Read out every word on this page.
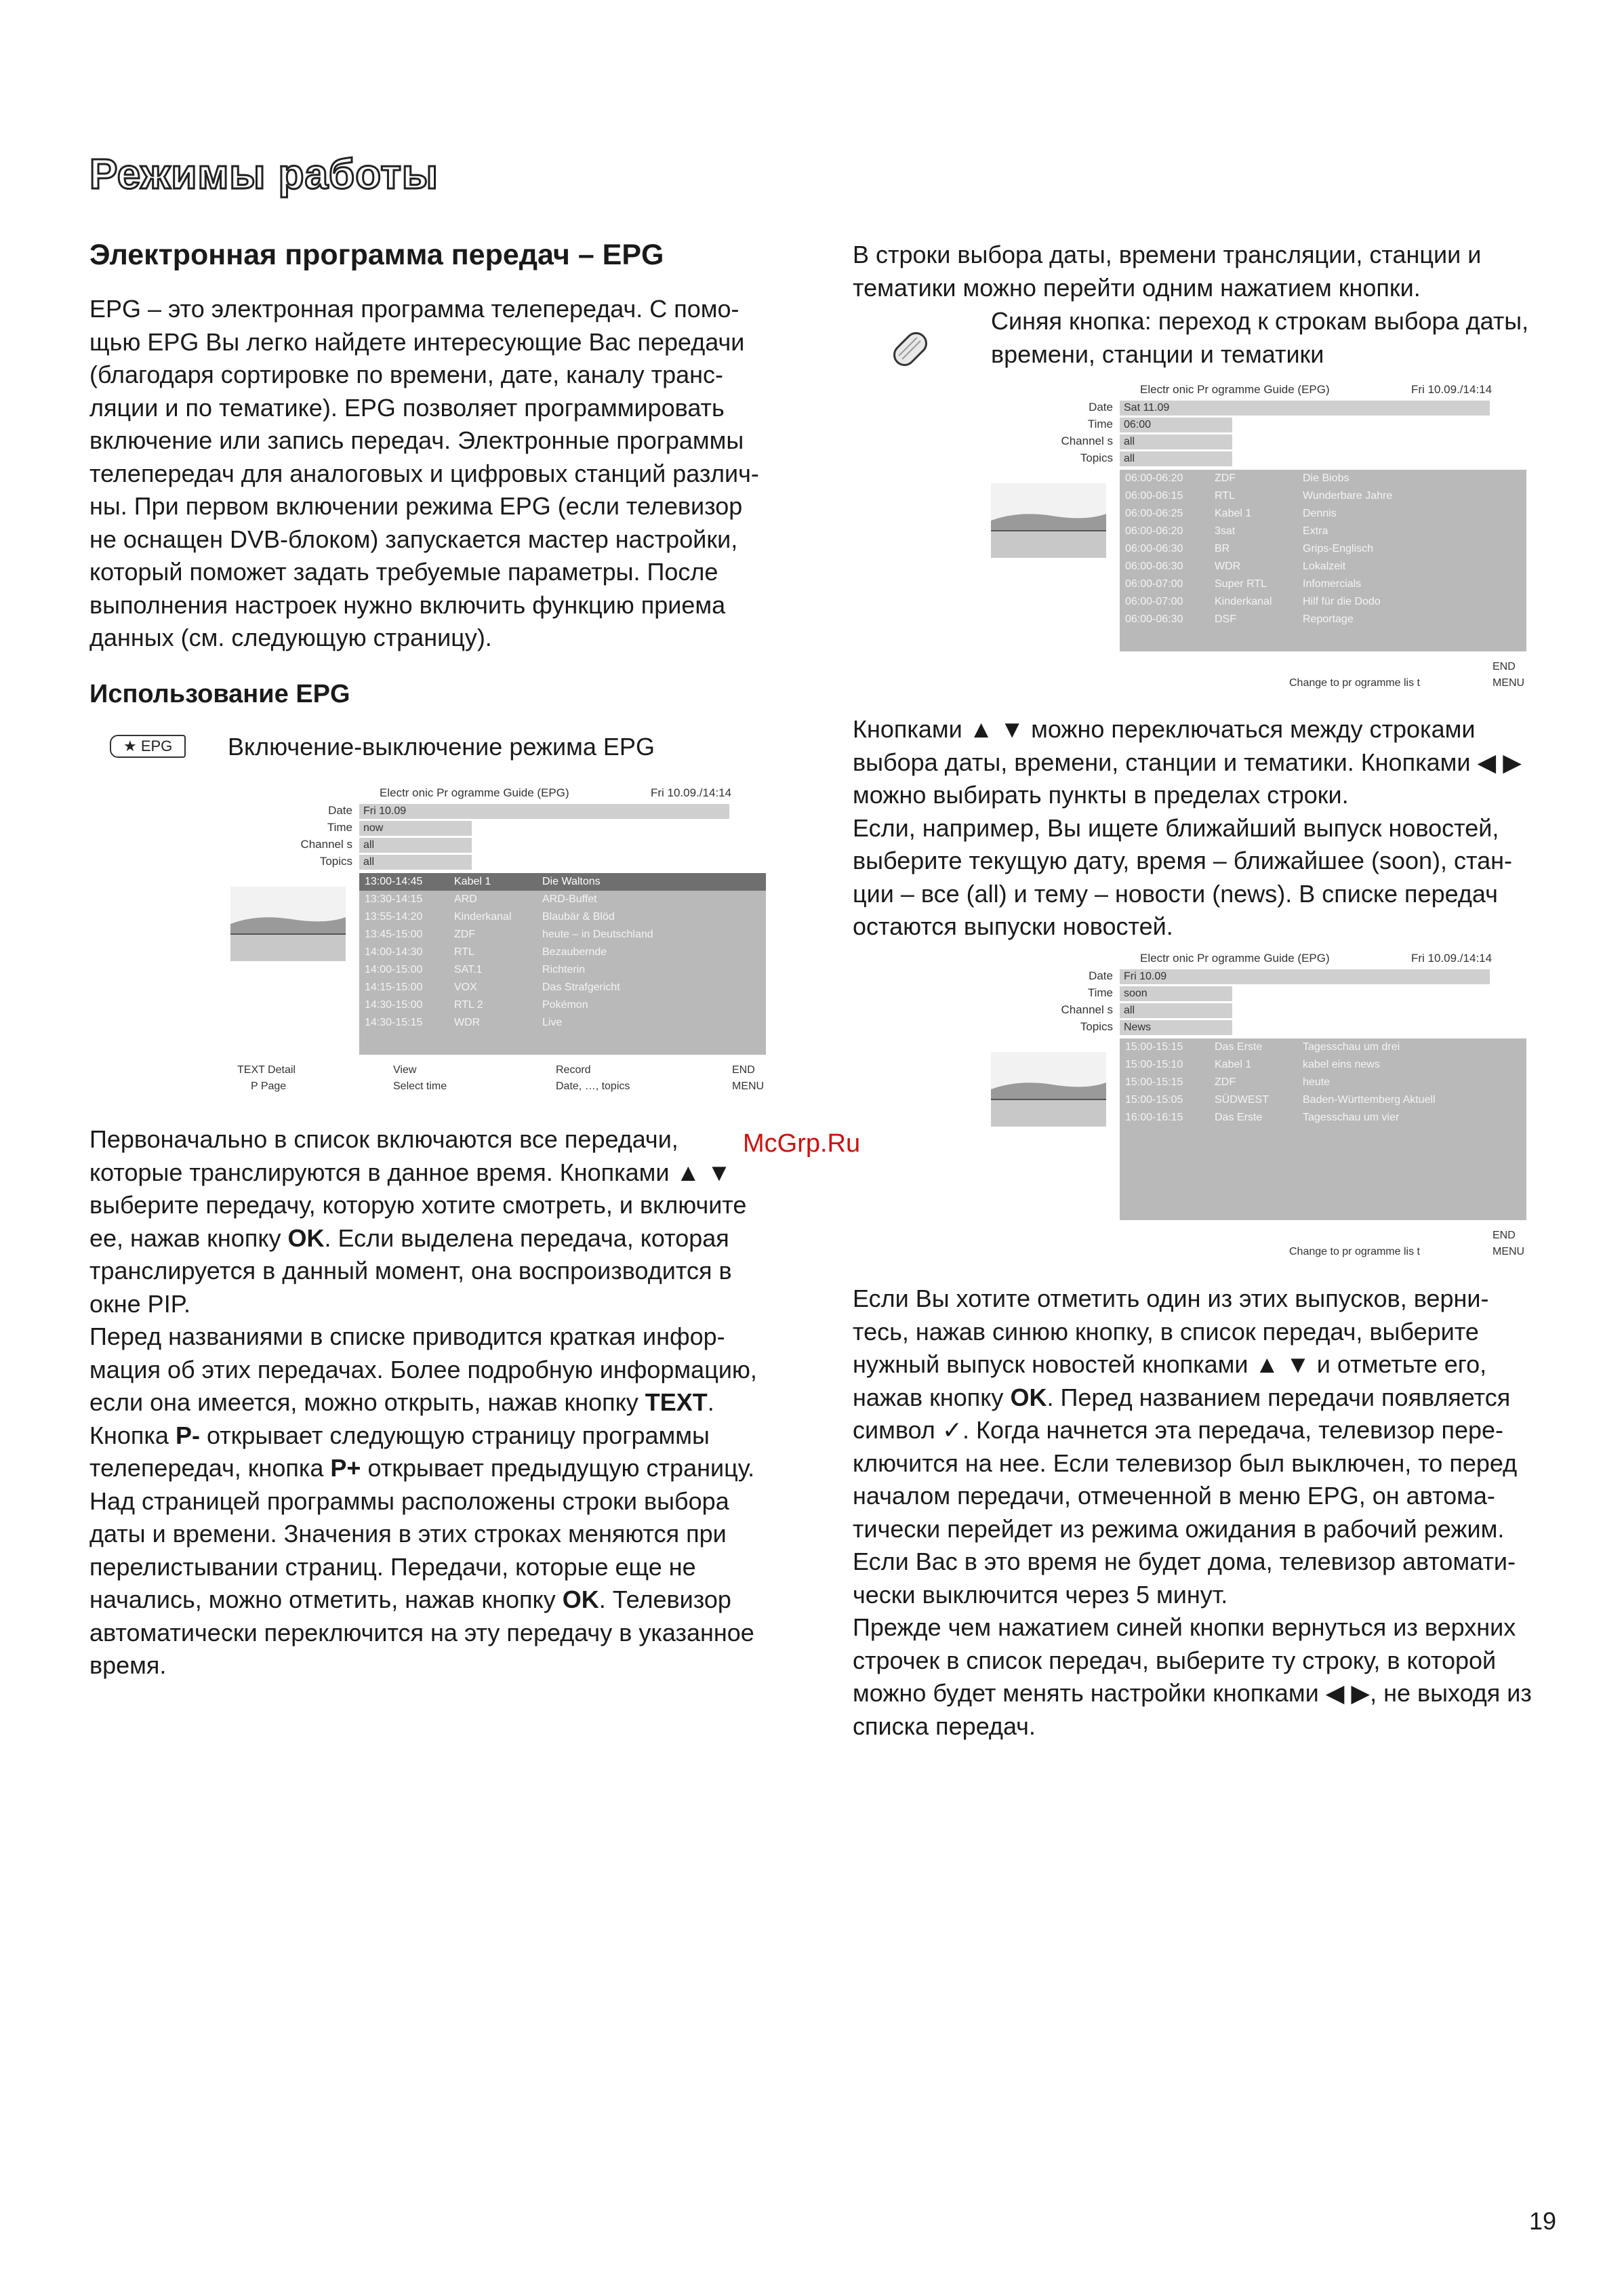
Режимы работы
Электронная программа передач – EPG
EPG – это электронная программа телепередач. С помо-
щью EPG Вы легко найдете интересующие Вас передачи
(благодаря сортировке по времени, дате, каналу транс-
ляции и по тематике). EPG позволяет программировать
включение или запись передач. Электронные программы
телепередач для аналоговых и цифровых станций различ-
ны. При первом включении режима EPG (если телевизор
не оснащен DVB-блоком) запускается мастер настройки,
который поможет задать требуемые параметры. После
выполнения настроек нужно включить функцию приема
данных (см. следующую страницу).
Использование EPG
★ EPG	Включение-выключение режима EPG
Electr onic Pr ogramme Guide (EPG)	Fri 10.09./14:14
Date	Fri 10.09
Time	now
Channel s	all
Topics	all
13:00-14:45	Kabel 1	Die Waltons
13:30-14:15	ARD	ARD-Buffet
13:55-14:20	Kinderkanal	Blaubär & Blöd
13:45-15:00	ZDF	heute – in Deutschland
14:00-14:30	RTL	Bezaubernde
14:00-15:00	SAT.1	Richterin
14:15-15:00	VOX	Das Strafgericht
14:30-15:00	RTL 2	Pokémon
14:30-15:15	WDR	Live
TEXT Detail
P Page
View
Select time
Record
Date, …, topics
END
MENU
Первоначально в список включаются все передачи,
которые транслируются в данное время. Кнопками ▲ ▼
выберите передачу, которую хотите смотреть, и включите
ее, нажав кнопку OK. Если выделена передача, которая
транслируется в данный момент, она воспроизводится в
окне PIP.
Перед названиями в списке приводится краткая инфор-
мация об этих передачах. Более подробную информацию,
если она имеется, можно открыть, нажав кнопку TEXT.
Кнопка P- открывает следующую страницу программы
телепередач, кнопка P+ открывает предыдущую страницу.
Над страницей программы расположены строки выбора
даты и времени. Значения в этих строках меняются при
перелистывании страниц. Передачи, которые еще не
начались, можно отметить, нажав кнопку OK. Телевизор
автоматически переключится на эту передачу в указанное
время.
McGrp.Ru
В строки выбора даты, времени трансляции, станции и
тематики можно перейти одним нажатием кнопки.
Синяя кнопка: переход к строкам выбора даты,
времени, станции и тематики
Electr onic Pr ogramme Guide (EPG)	Fri 10.09./14:14
Date	Sat 11.09
Time	06:00
Channel s	all
Topics	all
06:00-06:20	ZDF	Die Biobs
06:00-06:15	RTL	Wunderbare Jahre
06:00-06:25	Kabel 1	Dennis
06:00-06:20	3sat	Extra
06:00-06:30	BR	Grips-Englisch
06:00-06:30	WDR	Lokalzeit
06:00-07:00	Super RTL	Infomercials
06:00-07:00	Kinderkanal	Hilf für die Dodo
06:00-06:30	DSF	Reportage
Change to pr ogramme lis t
END
MENU
Кнопками ▲ ▼ можно переключаться между строками
выбора даты, времени, станции и тематики. Кнопками ◀ ▶
можно выбирать пункты в пределах строки.
Если, например, Вы ищете ближайший выпуск новостей,
выберите текущую дату, время – ближайшее (soon), стан-
ции – все (all) и тему – новости (news). В списке передач
остаются выпуски новостей.
Electr onic Pr ogramme Guide (EPG)	Fri 10.09./14:14
Date	Fri 10.09
Time	soon
Channel s	all
Topics	News
15:00-15:15	Das Erste	Tagesschau um drei
15:00-15:10	Kabel 1	kabel eins news
15:00-15:15	ZDF	heute
15:00-15:05	SÜDWEST	Baden-Württemberg Aktuell
16:00-16:15	Das Erste	Tagesschau um vier
Change to pr ogramme lis t
END
MENU
Если Вы хотите отметить один из этих выпусков, верни-
тесь, нажав синюю кнопку, в список передач, выберите
нужный выпуск новостей кнопками ▲ ▼ и отметьте его,
нажав кнопку OK. Перед названием передачи появляется
символ ✓. Когда начнется эта передача, телевизор пере-
ключится на нее. Если телевизор был выключен, то перед
началом передачи, отмеченной в меню EPG, он автома-
тически перейдет из режима ожидания в рабочий режим.
Если Вас в это время не будет дома, телевизор автомати-
чески выключится через 5 минут.
Прежде чем нажатием синей кнопки вернуться из верхних
строчек в список передач, выберите ту строку, в которой
можно будет менять настройки кнопками ◀ ▶, не выходя из
списка передач.
19
